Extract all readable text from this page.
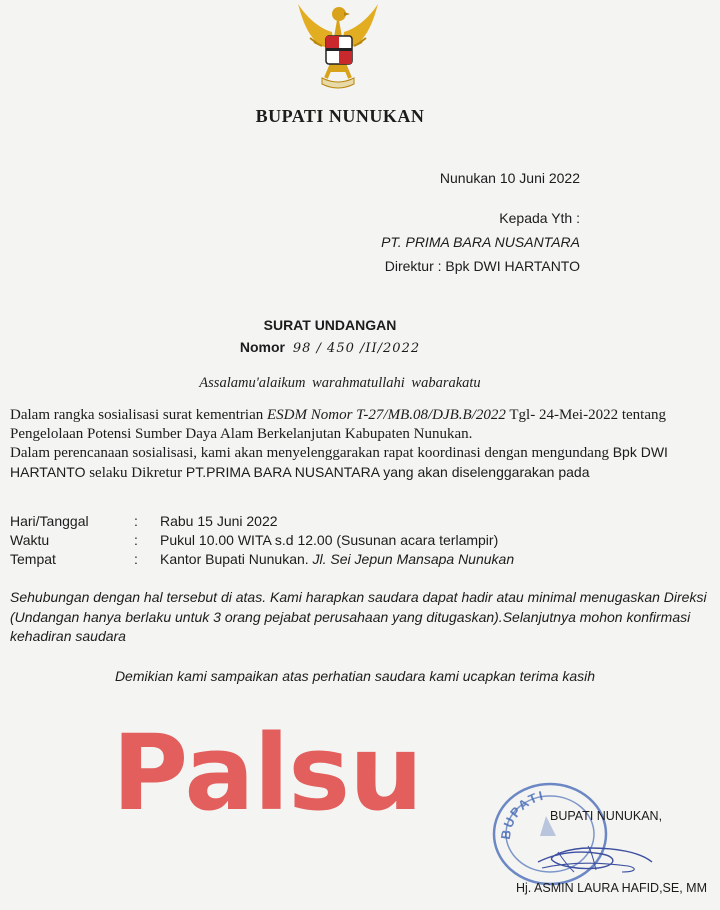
BUPATI NUNUKAN
Nunukan 10 Juni 2022
Kepada Yth :
PT. PRIMA BARA NUSANTARA
Direktur : Bpk DWI HARTANTO
SURAT UNDANGAN
Nomor 98 / 450 /II/2022
Assalamu'alaikum warahmatullahi wabarakatu
Dalam rangka sosialisasi surat kementrian ESDM Nomor T-27/MB.08/DJB.B/2022 Tgl- 24-Mei-2022 tentang Pengelolaan Potensi Sumber Daya Alam Berkelanjutan Kabupaten Nunukan.
Dalam perencanaan sosialisasi, kami akan menyelenggarakan rapat koordinasi dengan mengundang Bpk DWI HARTANTO selaku Dikretur PT.PRIMA BARA NUSANTARA yang akan diselenggarakan pada
Hari/Tanggal	:	Rabu 15 Juni 2022
Waktu	:	Pukul 10.00 WITA s.d 12.00 (Susunan acara terlampir)
Tempat	:	Kantor Bupati Nunukan. Jl. Sei Jepun Mansapa Nunukan
Sehubungan dengan hal tersebut di atas. Kami harapkan saudara dapat hadir atau minimal menugaskan Direksi (Undangan hanya berlaku untuk 3 orang pejabat perusahaan yang ditugaskan).Selanjutnya mohon konfirmasi kehadiran saudara
Demikian kami sampaikan atas perhatian saudara kami ucapkan terima kasih
BUPATI
BUPATI NUNUKAN,
Hj. ASMIN LAURA HAFID,SE, MM
Palsu
